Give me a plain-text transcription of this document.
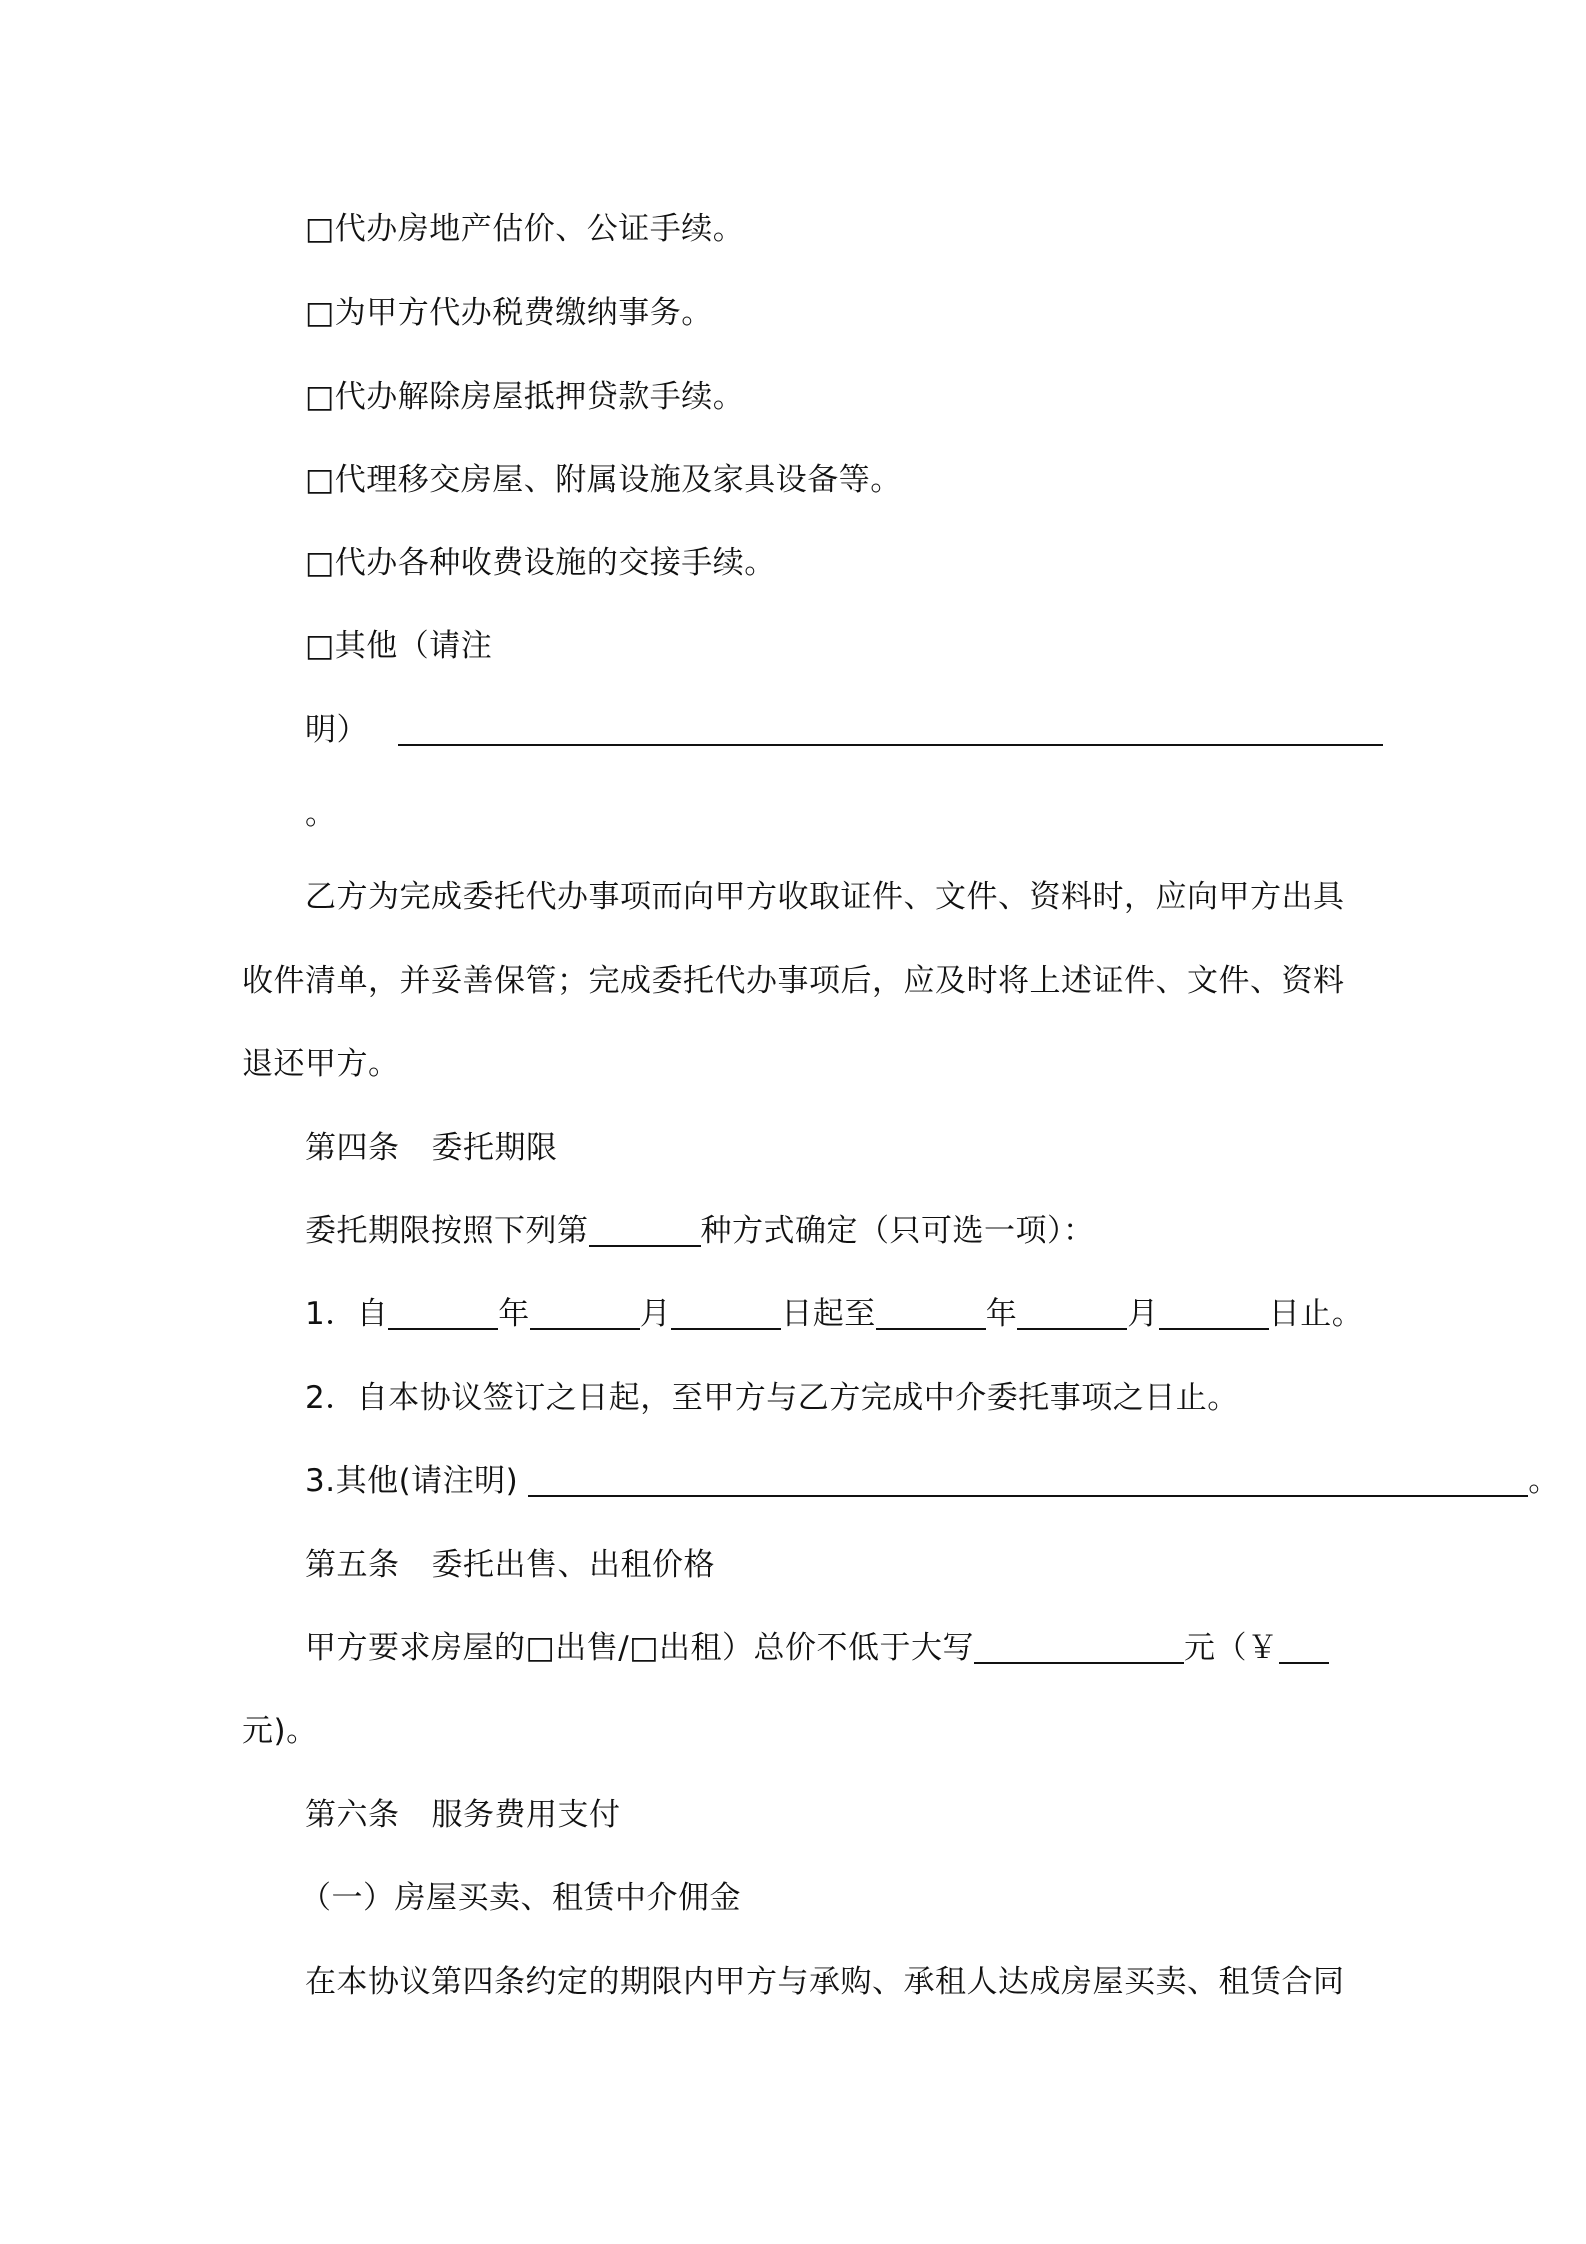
□代办房地产估价、公证手续。
□为甲方代办税费缴纳事务。
□代办解除房屋抵押贷款手续。
□代理移交房屋、附属设施及家具设备等。
□代办各种收费设施的交接手续。
□其他（请注
明）
。
乙方为完成委托代办事项而向甲方收取证件、文件、资料时，应向甲方出具
收件清单，并妥善保管；完成委托代办事项后，应及时将上述证件、文件、资料
退还甲方。
第四条 委托期限
委托期限按照下列第	种方式确定（只可选一项）：
1．自	年	月	日起至	年	月	日止。
2．自本协议签订之日起，至甲方与乙方完成中介委托事项之日止。
3.其他(请注明)	。
第五条 委托出售、出租价格
甲方要求房屋的□出售/□出租）总价不低于大写	元（￥
元)。
第六条 服务费用支付
（一）房屋买卖、租赁中介佣金
在本协议第四条约定的期限内甲方与承购、承租人达成房屋买卖、租赁合同
